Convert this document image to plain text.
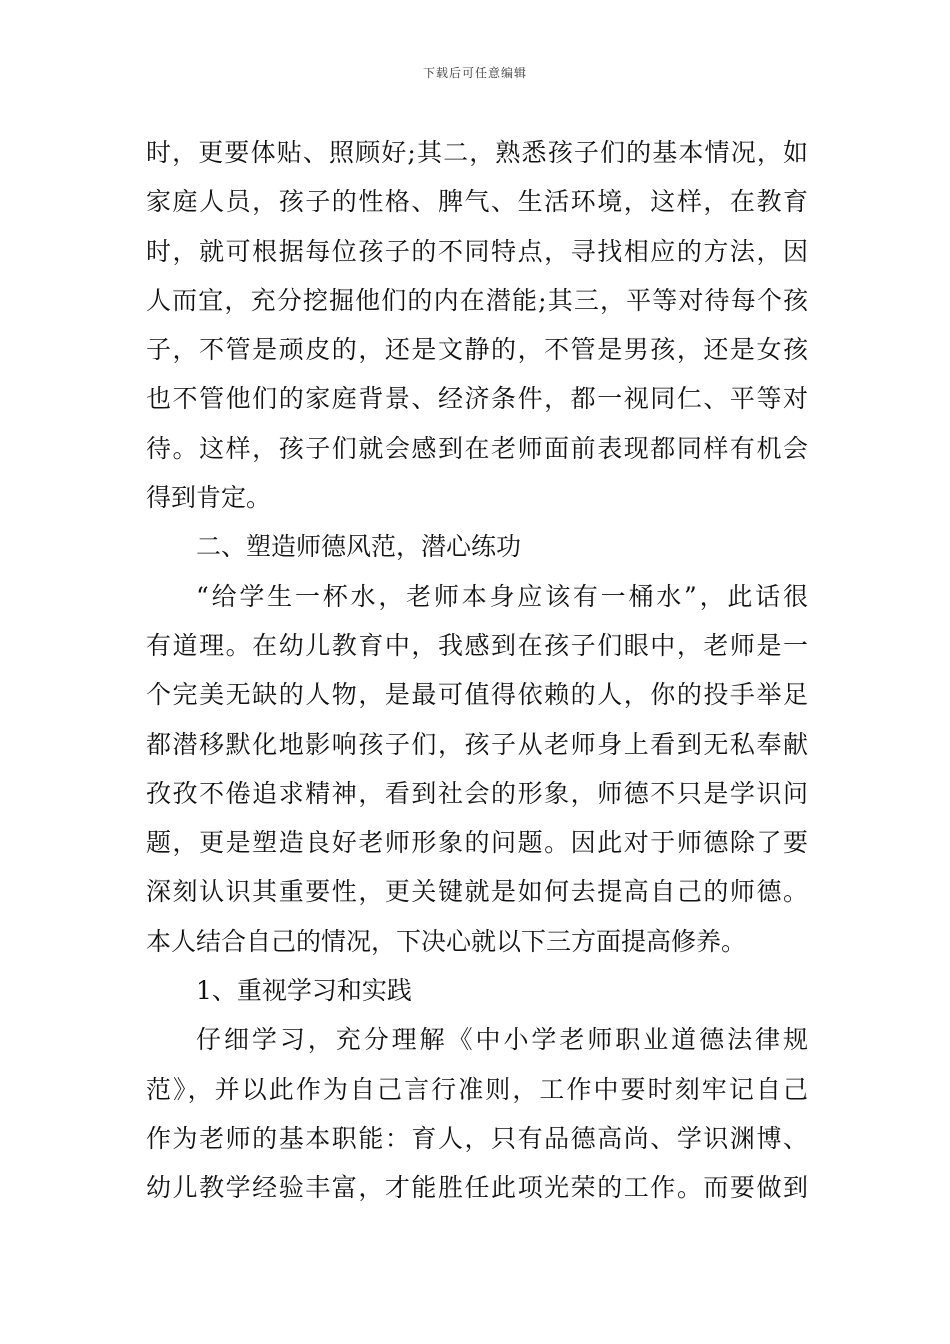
下载后可任意编辑
时，更要体贴、照顾好;其二，熟悉孩子们的基本情况，如
家庭人员，孩子的性格、脾气、生活环境，这样，在教育
时，就可根据每位孩子的不同特点，寻找相应的方法，因
人而宜，充分挖掘他们的内在潜能;其三，平等对待每个孩
子，不管是顽皮的，还是文静的，不管是男孩，还是女孩
也不管他们的家庭背景、经济条件，都一视同仁、平等对
待。这样，孩子们就会感到在老师面前表现都同样有机会
得到肯定。
二、塑造师德风范，潜心练功
“给学生一杯水，老师本身应该有一桶水”，此话很
有道理。在幼儿教育中，我感到在孩子们眼中，老师是一
个完美无缺的人物，是最可值得依赖的人，你的投手举足
都潜移默化地影响孩子们，孩子从老师身上看到无私奉献
孜孜不倦追求精神，看到社会的形象，师德不只是学识问
题，更是塑造良好老师形象的问题。因此对于师德除了要
深刻认识其重要性，更关键就是如何去提高自己的师德。
本人结合自己的情况，下决心就以下三方面提高修养。
1、重视学习和实践
仔细学习，充分理解《中小学老师职业道德法律规
范》，并以此作为自己言行准则，工作中要时刻牢记自己
作为老师的基本职能：育人，只有品德高尚、学识渊博、
幼儿教学经验丰富，才能胜任此项光荣的工作。而要做到
